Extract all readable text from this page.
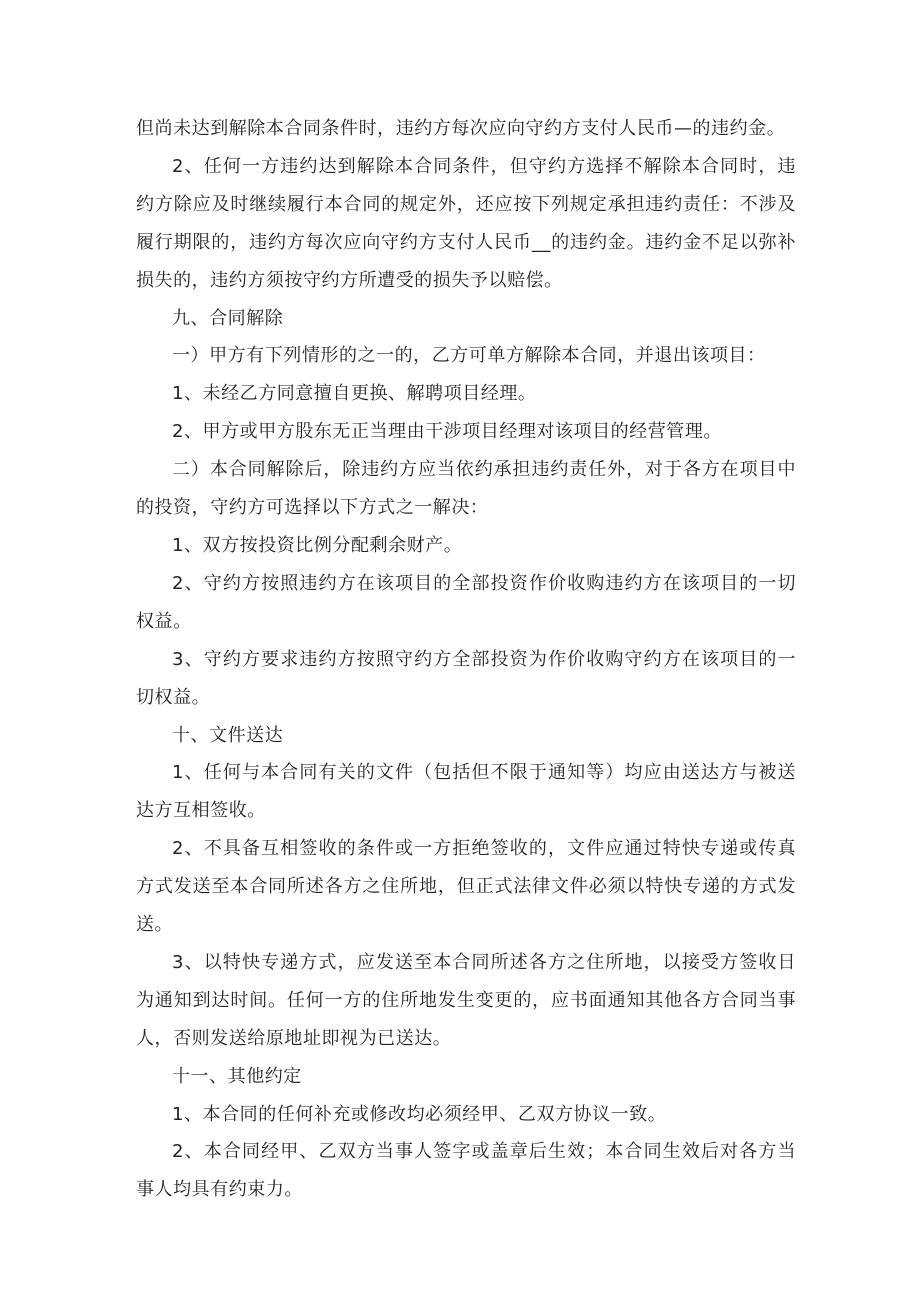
但尚未达到解除本合同条件时，违约方每次应向守约方支付人民币—的违约金。

2、任何一方违约达到解除本合同条件，但守约方选择不解除本合同时，违约方除应及时继续履行本合同的规定外，还应按下列规定承担违约责任：不涉及履行期限的，违约方每次应向守约方支付人民币__的违约金。违约金不足以弥补损失的，违约方须按守约方所遭受的损失予以赔偿。

九、合同解除

一）甲方有下列情形的之一的，乙方可单方解除本合同，并退出该项目：

1、未经乙方同意擅自更换、解聘项目经理。

2、甲方或甲方股东无正当理由干涉项目经理对该项目的经营管理。

二）本合同解除后，除违约方应当依约承担违约责任外，对于各方在项目中的投资，守约方可选择以下方式之一解决：

1、双方按投资比例分配剩余财产。

2、守约方按照违约方在该项目的全部投资作价收购违约方在该项目的一切权益。

3、守约方要求违约方按照守约方全部投资为作价收购守约方在该项目的一切权益。

十、文件送达

1、任何与本合同有关的文件（包括但不限于通知等）均应由送达方与被送达方互相签收。

2、不具备互相签收的条件或一方拒绝签收的，文件应通过特快专递或传真方式发送至本合同所述各方之住所地，但正式法律文件必须以特快专递的方式发送。

3、以特快专递方式，应发送至本合同所述各方之住所地，以接受方签收日为通知到达时间。任何一方的住所地发生变更的，应书面通知其他各方合同当事人，否则发送给原地址即视为已送达。

十一、其他约定

1、本合同的任何补充或修改均必须经甲、乙双方协议一致。

2、本合同经甲、乙双方当事人签字或盖章后生效；本合同生效后对各方当事人均具有约束力。
